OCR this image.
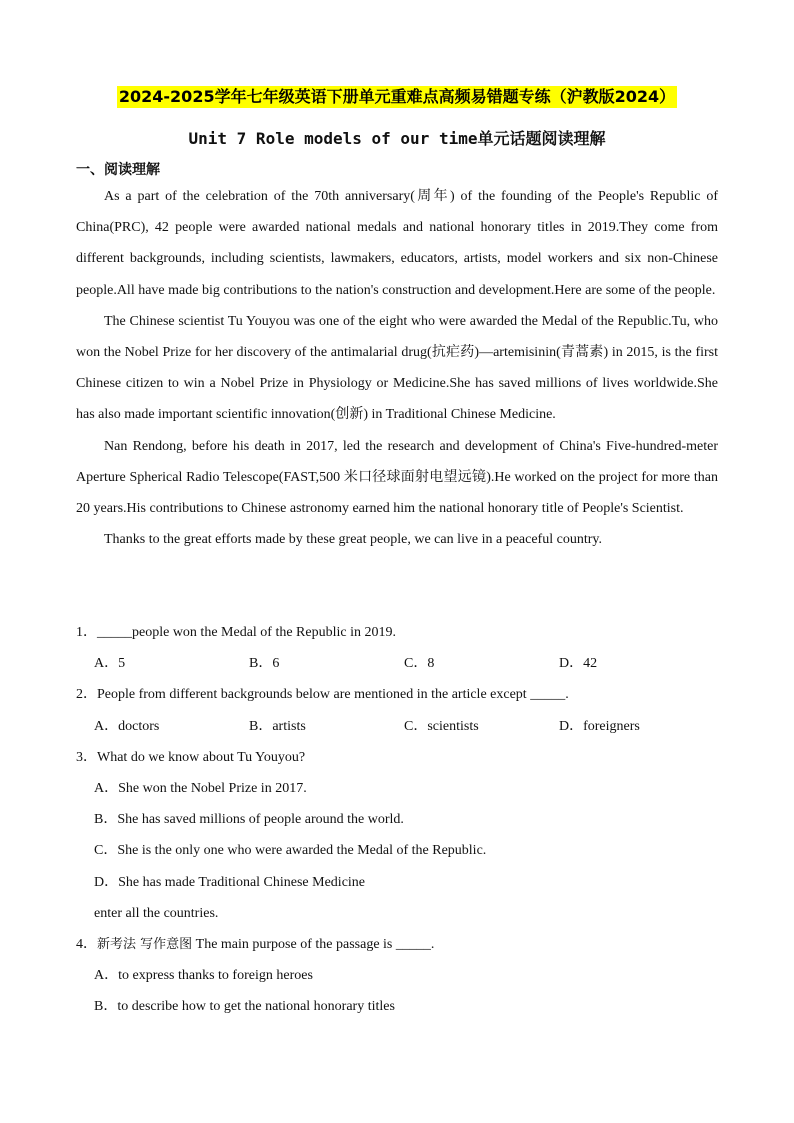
2024-2025学年七年级英语下册单元重难点高频易错题专练（沪教版2024）
Unit 7 Role models of our time单元话题阅读理解
一、阅读理解

As a part of the celebration of the 70th anniversary(周年) of the founding of the People's Republic of China(PRC), 42 people were awarded national medals and national honorary titles in 2019.They come from different backgrounds, including scientists, lawmakers, educators, artists, model workers and six non-Chinese people.All have made big contributions to the nation's construction and development.Here are some of the people.

The Chinese scientist Tu Youyou was one of the eight who were awarded the Medal of the Republic.Tu, who won the Nobel Prize for her discovery of the antimalarial drug(抗疟药)—artemisinin(青蒿素) in 2015, is the first Chinese citizen to win a Nobel Prize in Physiology or Medicine.She has saved millions of lives worldwide.She has also made important scientific innovation(创新) in Traditional Chinese Medicine.

Nan Rendong, before his death in 2017, led the research and development of China's Five-hundred-meter Aperture Spherical Radio Telescope(FAST,500 米口径球面射电望远镜).He worked on the project for more than 20 years.His contributions to Chinese astronomy earned him the national honorary title of People's Scientist.

Thanks to the great efforts made by these great people, we can live in a peaceful country.

1．_____people won the Medal of the Republic in 2019.
A．5	B．6	C．8	D．42
2．People from different backgrounds below are mentioned in the article except _____.
A．doctors	B．artists	C．scientists	D．foreigners
3．What do we know about Tu Youyou?
A．She won the Nobel Prize in 2017.
B．She has saved millions of people around the world.
C．She is the only one who were awarded the Medal of the Republic.
D．She has made Traditional Chinese Medicine
enter all the countries.
4．新考法 写作意图 The main purpose of the passage is _____.
A．to express thanks to foreign heroes
B．to describe how to get the national honorary titles
